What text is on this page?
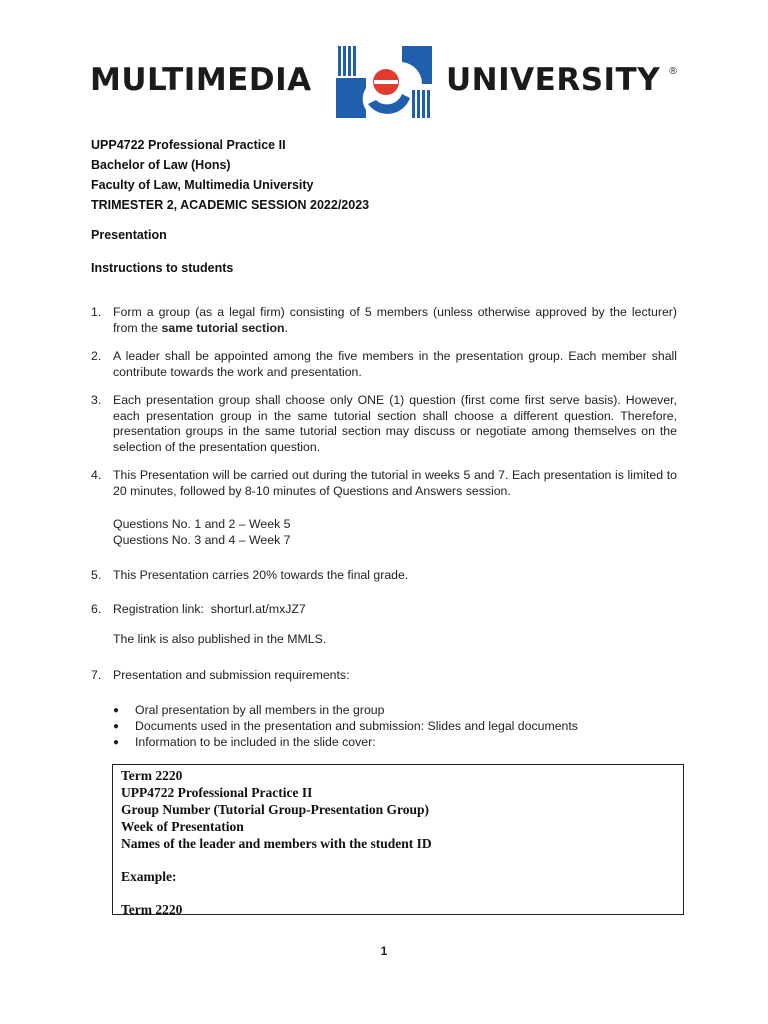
MULTIMEDIA	UNIVERSITY ®
UPP4722 Professional Practice II
Bachelor of Law (Hons)
Faculty of Law, Multimedia University
TRIMESTER 2, ACADEMIC SESSION 2022/2023
Presentation
Instructions to students
1. Form a group (as a legal firm) consisting of 5 members (unless otherwise approved by the lecturer) from the same tutorial section.
2. A leader shall be appointed among the five members in the presentation group. Each member shall contribute towards the work and presentation.
3. Each presentation group shall choose only ONE (1) question (first come first serve basis). However, each presentation group in the same tutorial section shall choose a different question. Therefore, presentation groups in the same tutorial section may discuss or negotiate among themselves on the selection of the presentation question.
4. This Presentation will be carried out during the tutorial in weeks 5 and 7. Each presentation is limited to 20 minutes, followed by 8-10 minutes of Questions and Answers session.
Questions No. 1 and 2 – Week 5
Questions No. 3 and 4 – Week 7
5. This Presentation carries 20% towards the final grade.
6. Registration link:  shorturl.at/mxJZ7
The link is also published in the MMLS.
7. Presentation and submission requirements:
● Oral presentation by all members in the group
● Documents used in the presentation and submission: Slides and legal documents
● Information to be included in the slide cover:
Term 2220
UPP4722 Professional Practice II
Group Number (Tutorial Group-Presentation Group)
Week of Presentation
Names of the leader and members with the student ID
Example:
Term 2220
1
